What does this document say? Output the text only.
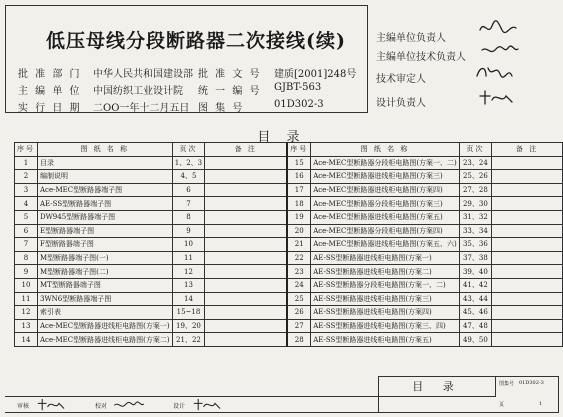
低压母线分段断路器二次接线(续)
批 准 部 门 中华人民共和国建设部 批 准 文 号 建质[2001]248号
主 编 单 位 中国纺织工业设计院 统 一 编 号 GJBT-563
实 行 日 期 二OO一年十二月五日 图 集 号	01D302-3
主编单位负责人
主编单位技术负责人
技术审定人
设计负责人
目 录
序号	图 纸 名 称	页次	备 注	序号	图 纸 名 称	页次	备 注
1	目录	1、2、3		15	Ace-MEC型断路器分段柜电路图(方案一、二)	23、24	
2	编制说明	4、5		16	Ace-MEC型断路器进线柜电路图(方案三)	25、26	
3	Ace-MEC型断路器端子图	6		17	Ace-MEC型断路器进线柜电路图(方案四)	27、28	
4	AE-SS型断路器端子图	7		18	Ace-MEC型断路器分段柜电路图(方案三)	29、30	
5	DW945型断路器端子图	8		19	Ace-MEC型断路器进线柜电路图(方案五)	31、32	
6	E型断路器端子图	9		20	Ace-MEC型断路器分段柜电路图(方案四)	33、34	
7	F型断路器端子图	10		21	Ace-MEC型断路器进线柜电路图(方案五、六)	35、36	
8	M型断路器端子图(一)	11		22	AE-SS型断路器进线柜电路图(方案一)	37、38	
9	M型断路器端子图(二)	12		23	AE-SS型断路器进线柜电路图(方案二)	39、40	
10	MT型断路器端子图	13		24	AE-SS型断路器分段柜电路图(方案一、二)	41、42	
11	3WN6型断路器端子图	14		25	AE-SS型断路器进线柜电路图(方案三)	43、44	
12	索引表	15~18		26	AE-SS型断路器进线柜电路图(方案四)	45、46	
13	Ace-MEC型断路器进线柜电路图(方案一)	19、20		27	AE-SS型断路器进线柜电路图(方案三、四)	47、48	
14	Ace-MEC型断路器进线柜电路图(方案二)	21、22		28	AE-SS型断路器进线柜电路图(方案五)	49、50	
审核	校对	设计
目 录	图集号 01D302-3
页	1
